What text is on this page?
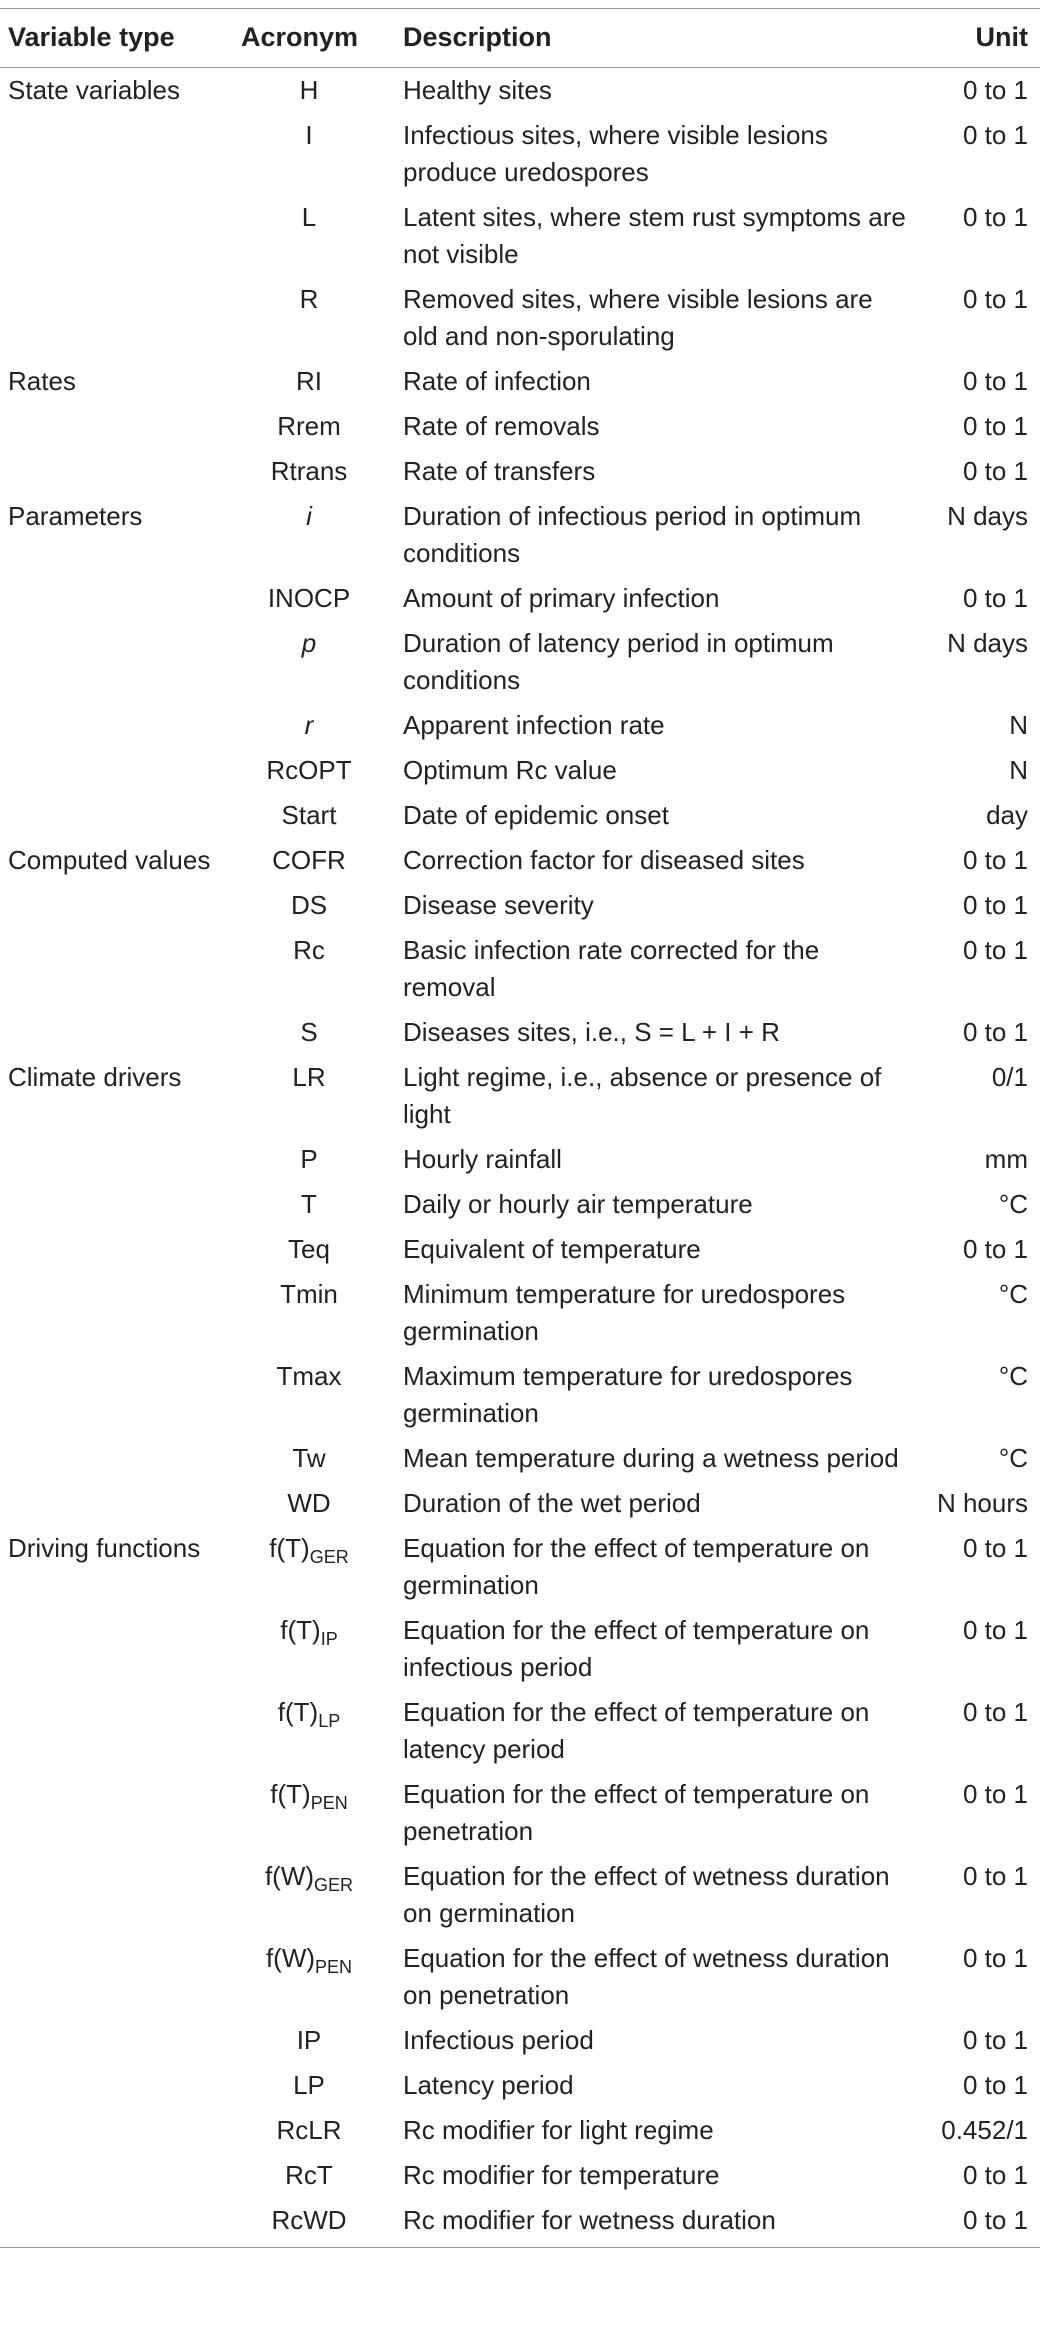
Variable type	Acronym	Description	Unit
State variables	H	Healthy sites	0 to 1
	I	Infectious sites, where visible lesions produce uredospores	0 to 1
	L	Latent sites, where stem rust symptoms are not visible	0 to 1
	R	Removed sites, where visible lesions are old and non-sporulating	0 to 1
Rates	RI	Rate of infection	0 to 1
	Rrem	Rate of removals	0 to 1
	Rtrans	Rate of transfers	0 to 1
Parameters	i	Duration of infectious period in optimum conditions	N days
	INOCP	Amount of primary infection	0 to 1
	p	Duration of latency period in optimum conditions	N days
	r	Apparent infection rate	N
	RcOPT	Optimum Rc value	N
	Start	Date of epidemic onset	day
Computed values	COFR	Correction factor for diseased sites	0 to 1
	DS	Disease severity	0 to 1
	Rc	Basic infection rate corrected for the removal	0 to 1
	S	Diseases sites, i.e., S = L + I + R	0 to 1
Climate drivers	LR	Light regime, i.e., absence or presence of light	0/1
	P	Hourly rainfall	mm
	T	Daily or hourly air temperature	°C
	Teq	Equivalent of temperature	0 to 1
	Tmin	Minimum temperature for uredospores germination	°C
	Tmax	Maximum temperature for uredospores germination	°C
	Tw	Mean temperature during a wetness period	°C
	WD	Duration of the wet period	N hours
Driving functions	$f(T)_{GER}$	Equation for the effect of temperature on germination	0 to 1
	$f(T)_{IP}$	Equation for the effect of temperature on infectious period	0 to 1
	$f(T)_{LP}$	Equation for the effect of temperature on latency period	0 to 1
	$f(T)_{PEN}$	Equation for the effect of temperature on penetration	0 to 1
	$f(W)_{GER}$	Equation for the effect of wetness duration on germination	0 to 1
	$f(W)_{PEN}$	Equation for the effect of wetness duration on penetration	0 to 1
	IP	Infectious period	0 to 1
	LP	Latency period	0 to 1
	RcLR	Rc modifier for light regime	0.452/1
	RcT	Rc modifier for temperature	0 to 1
	RcWD	Rc modifier for wetness duration	0 to 1
